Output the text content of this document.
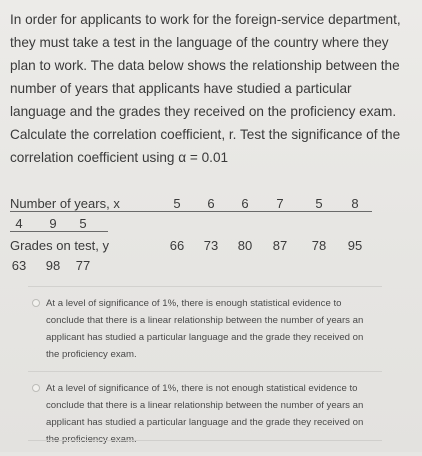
In order for applicants to work for the foreign-service department, they must take a test in the language of the country where they plan to work. The data below shows the relationship between the number of years that applicants have studied a particular language and the grades they received on the proficiency exam. Calculate the correlation coefficient, r. Test the significance of the correlation coefficient using α = 0.01
Number of years, x	5	6	6	7	5	8
4	9	5
Grades on test, y	66	73	80	87	78	95
63	98	77
At a level of significance of 1%, there is enough statistical evidence to conclude that there is a linear relationship between the number of years an applicant has studied a particular language and the grade they received on the proficiency exam.
At a level of significance of 1%, there is not enough statistical evidence to conclude that there is a linear relationship between the number of years an applicant has studied a particular language and the grade they received on
